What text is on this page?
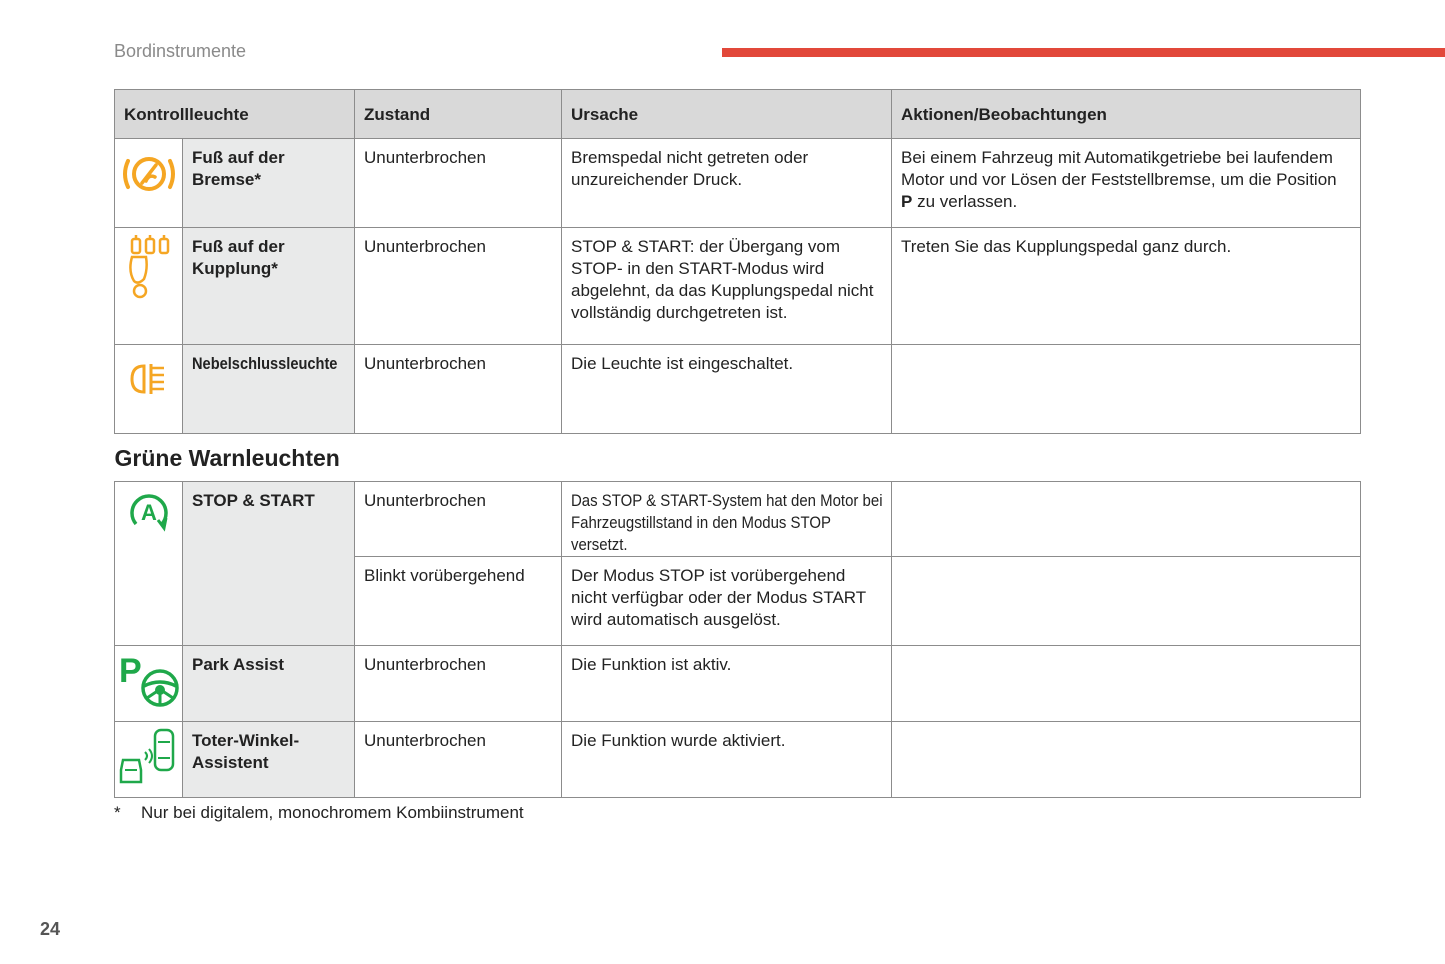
Bordinstrumente
Kontrollleuchte		Zustand	Ursache	Aktionen/Beobachtungen

	Fuß auf der Bremse*	Ununterbrochen	Bremspedal nicht getreten oder unzureichender Druck.	Bei einem Fahrzeug mit Automatikgetriebe bei laufendem Motor und vor Lösen der Feststellbremse, um die Position P zu verlassen.

	Fuß auf der Kupplung*	Ununterbrochen	STOP & START: der Übergang vom STOP- in den START-Modus wird abgelehnt, da das Kupplungspedal nicht vollständig durchgetreten ist.	Treten Sie das Kupplungspedal ganz durch.

	Nebelschlussleuchte	Ununterbrochen	Die Leuchte ist eingeschaltet.	
Grüne Warnleuchten				

A	STOP & START	Ununterbrochen	Das STOP & START-System hat den Motor bei Fahrzeugstillstand in den Modus STOP versetzt.	
		Blinkt vorübergehend	Der Modus STOP ist vorübergehend nicht verfügbar oder der Modus START wird automatisch ausgelöst.	

P	Park Assist	Ununterbrochen	Die Funktion ist aktiv.	

	Toter-Winkel-Assistent	Ununterbrochen	Die Funktion wurde aktiviert.	
* Nur bei digitalem, monochromem Kombiinstrument
24
